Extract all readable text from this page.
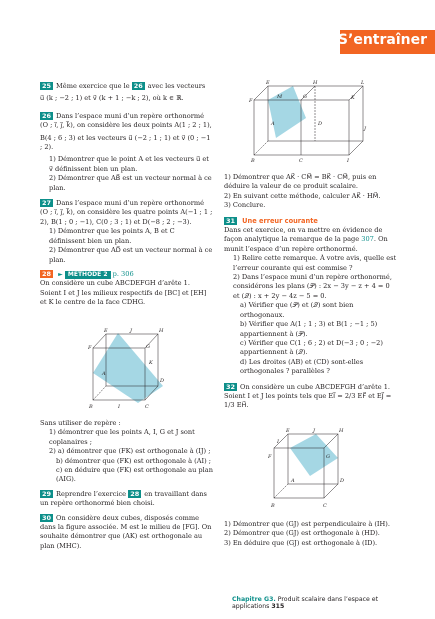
S’entraîner

25 Même exercice que le 26 avec les vecteurs

u⃗ (k ; −2 ; 1) et v⃗ (k + 1 ; −k ; 2), où k ∈ ℝ.

26 Dans l’espace muni d’un repère orthonormé (O ; i⃗, j⃗, k⃗), on considère les deux points A(1 ; 2 ; 1),

B(4 ; 6 ; 3) et les vecteurs u⃗ (−2 ; 1 ; 1) et v⃗ (0 ; −1 ; 2).

1) Démontrer que le point A et les vecteurs u⃗ et v⃗ définissent bien un plan.

2) Démontrer que AB⃗ est un vecteur normal à ce plan.

27 Dans l’espace muni d’un repère orthonormé (O ; i⃗, j⃗, k⃗), on considère les quatre points A(−1 ; 1 ; 2), B(1 ; 0 ; −1), C(0 ; 3 ; 1) et D(−8 ; 2 ; −3).

1) Démontrer que les points A, B et C définissent bien un plan.

2) Démontrer que AD⃗ est un vecteur normal à ce plan.

28 ► MÉTHODE 2 p. 306

On considère un cube ABCDEFGH d’arête 1. Soient I et J les milieux respectifs de [BC] et [EH] et K le centre de la face CDHG.

E	J	H
F	G
K
A
D
B	I	C

Sans utiliser de repère :

1) démontrer que les points A, I, G et J sont coplanaires ;

2) a) démontrer que (FK) est orthogonale à (IJ) ;

b) démontrer que (FK) est orthogonale à (AI) ;

c) en déduire que (FK) est orthogonale au plan (AIG).

29 Reprendre l’exercice 28 en travaillant dans un repère orthonormé bien choisi.

30 On considère deux cubes, disposés comme dans la figure associée. M est le milieu de [FG]. On souhaite démontrer que (AK) est orthogonale au plan (MHC).

E	H	L
F
M	G	K
A	D
J
B	C	I

1) Démontrer que AK⃗ · CM⃗ = BK⃗ · CM⃗, puis en déduire la valeur de ce produit scalaire.

2) En suivant cette méthode, calculer AK⃗ · HM⃗.

3) Conclure.

31 Une erreur courante

Dans cet exercice, on va mettre en évidence de façon analytique la remarque de la page 307. On munit l’espace d’un repère orthonormé.

1) Relire cette remarque. À votre avis, quelle est l’erreur courante qui est commise ?

2) Dans l’espace muni d’un repère orthonormé, considérons les plans (𝒫) : 2x − 3y − z + 4 = 0 et (𝒬) : x + 2y − 4z − 5 = 0.

a) Vérifier que (𝒫) et (𝒬) sont bien orthogonaux.

b) Vérifier que A(1 ; 1 ; 3) et B(1 ; −1 ; 5) appartiennent à (𝒫).

c) Vérifier que C(1 ; 6 ; 2) et D(−3 ; 0 ; −2) appartiennent à (𝒬).

d) Les droites (AB) et (CD) sont-elles orthogonales ? parallèles ?

32 On considère un cube ABCDEFGH d’arête 1. Soient I et J les points tels que EI⃗ = 2/3 EF⃗ et EJ⃗ = 1/3 EH⃗.

E	J	H
I
F	G
A	D
B	C

1) Démontrer que (GJ) est perpendiculaire à (IH).

2) Démontrer que (GJ) est orthogonale à (HD).

3) En déduire que (GJ) est orthogonale à (ID).

Chapitre G3. Produit scalaire dans l’espace et applications 315
